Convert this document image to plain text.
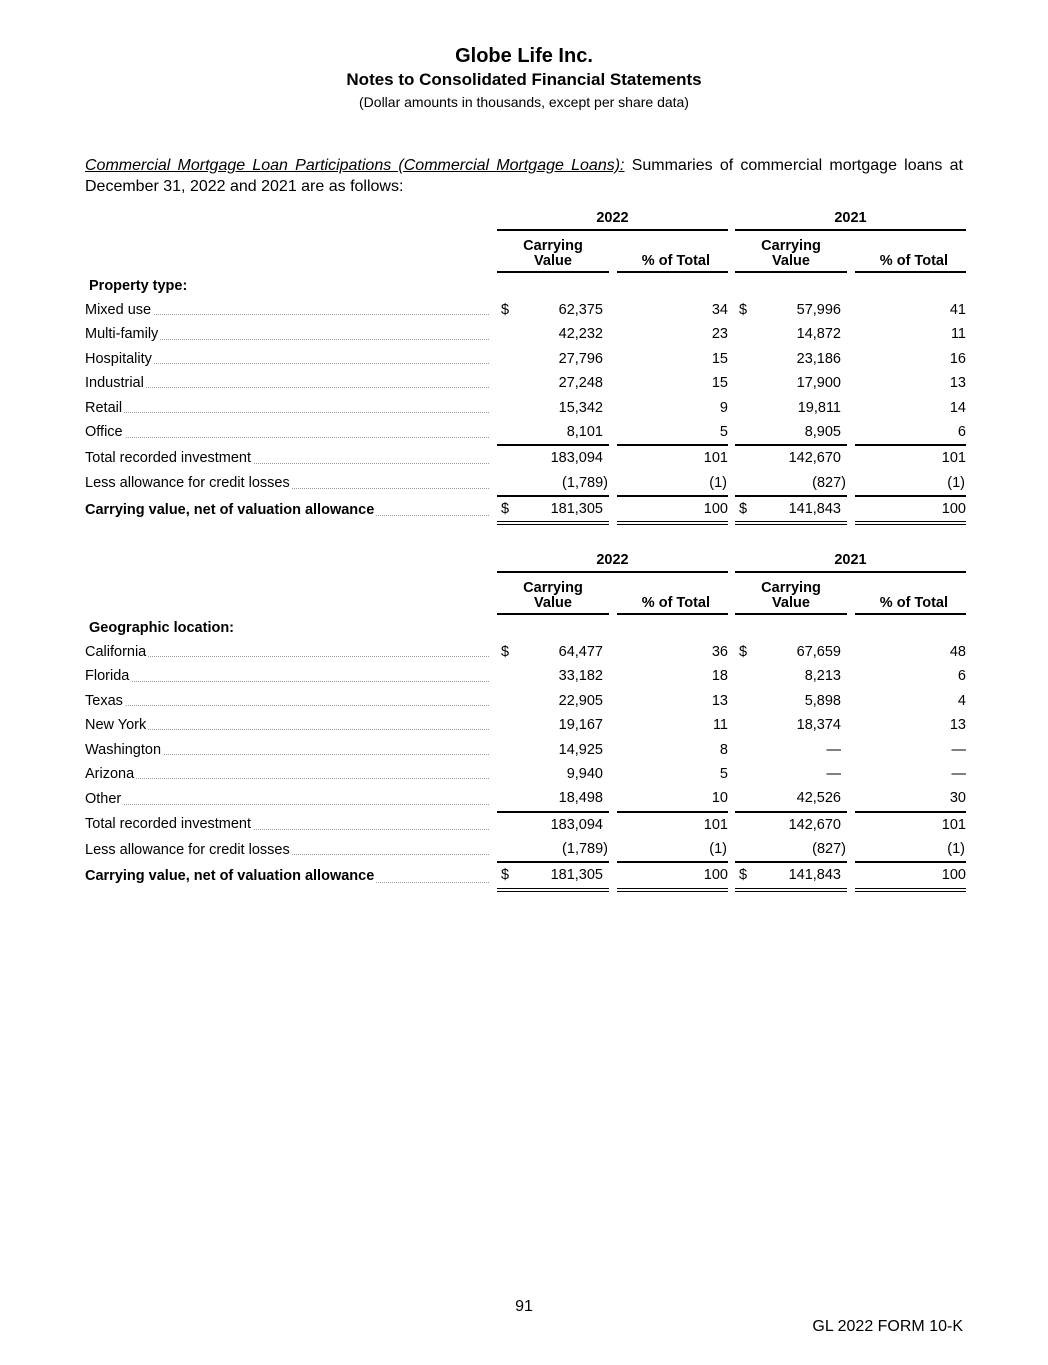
Globe Life Inc.
Notes to Consolidated Financial Statements
(Dollar amounts in thousands, except per share data)
Commercial Mortgage Loan Participations (Commercial Mortgage Loans): Summaries of commercial mortgage loans at December 31, 2022 and 2021 are as follows:
		2022				2021		

		Carrying Value		% of Total		Carrying Value		% of Total
Property type:								
Mixed use		$ 62,375		34		$ 57,996		41
Multi-family		42,232		23		14,872		11
Hospitality		27,796		15		23,186		16
Industrial		27,248		15		17,900		13
Retail		15,342		9		19,811		14
Office		8,101		5		8,905		6
Total recorded investment		183,094		101		142,670		101
Less allowance for credit losses		(1,789)		(1)		(827)		(1)
Carrying value, net of valuation allowance		$ 181,305		100		$ 141,843		100
		2022				2021		

		Carrying Value		% of Total		Carrying Value		% of Total
Geographic location:								
California		$ 64,477		36		$ 67,659		48
Florida		33,182		18		8,213		6
Texas		22,905		13		5,898		4
New York		19,167		11		18,374		13
Washington		14,925		8		—		—
Arizona		9,940		5		—		—
Other		18,498		10		42,526		30
Total recorded investment		183,094		101		142,670		101
Less allowance for credit losses		(1,789)		(1)		(827)		(1)
Carrying value, net of valuation allowance		$ 181,305		100		$ 141,843		100
91
GL 2022 FORM 10-K
